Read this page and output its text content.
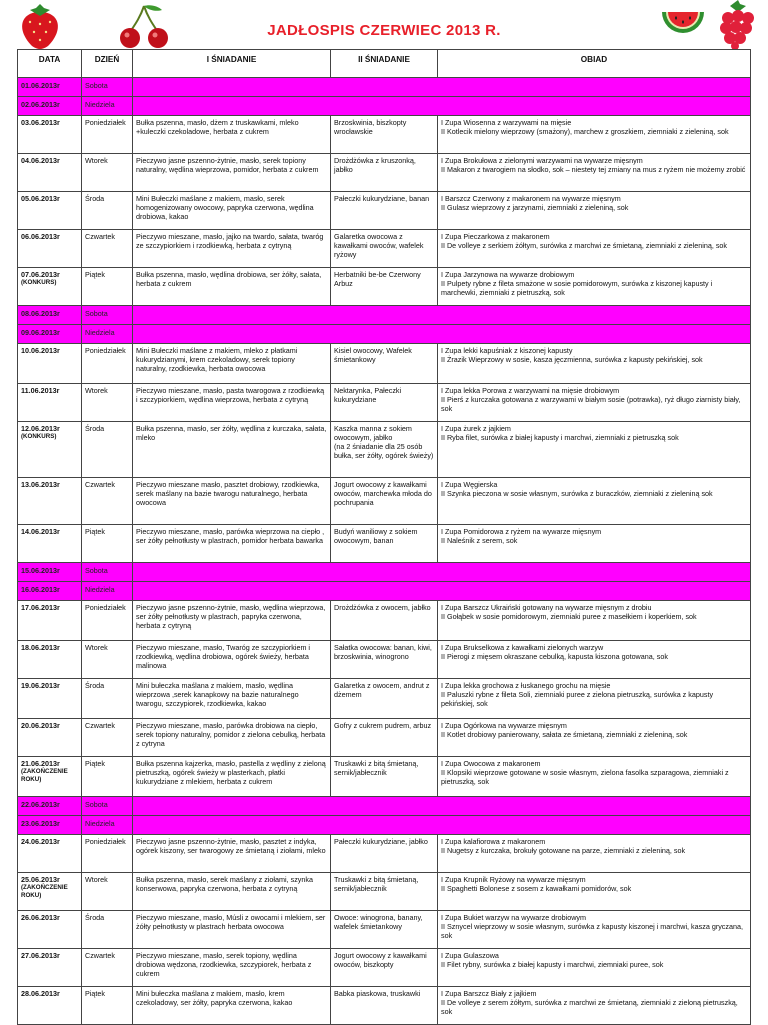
JADŁOSPIS CZERWIEC 2013 R.
DATA	DZIEŃ	I ŚNIADANIE	II ŚNIADANIE	OBIAD
01.06.2013r	Sobota			
02.06.2013r	Niedziela			
03.06.2013r	Poniedziałek	Bułka pszenna, masło, dżem z truskawkami, mleko +kuleczki czekoladowe, herbata z cukrem	Brzoskwinia, biszkopty wrocławskie	I Zupa Wiosenna z warzywami na mięsie
II Kotlecik mielony wieprzowy (smażony), marchew z groszkiem, ziemniaki z zieleniną, sok
04.06.2013r	Wtorek	Pieczywo jasne pszenno-żytnie, masło, serek topiony naturalny, wędlina wieprzowa, pomidor, herbata z cukrem	Drożdżówka z kruszonką, jabłko	I Zupa Brokułowa z zielonymi warzywami na wywarze mięsnym
II Makaron z twarogiem na słodko, sok – niestety tej zmiany na mus z ryżem nie możemy zrobić
05.06.2013r	Środa	Mini Bułeczki maślane z makiem, masło, serek homogenizowany owocowy, papryka czerwona, wędlina drobiowa, kakao	Pałeczki kukurydziane, banan	I Barszcz Czerwony z makaronem na wywarze mięsnym
II Gulasz wieprzowy z jarzynami, ziemniaki z zieleniną, sok
06.06.2013r	Czwartek	Pieczywo mieszane, masło, jajko na twardo, sałata, twaróg ze szczypiorkiem i rzodkiewką, herbata z cytryną	Galaretka owocowa z kawałkami owoców, wafelek ryżowy	I Zupa Pieczarkowa z makaronem
II De volleye z serkiem żółtym, surówka z marchwi ze śmietaną, ziemniaki z zieleniną, sok
07.06.2013r
(KONKURS)	Piątek	Bułka pszenna, masło, wędlina drobiowa, ser żółty, sałata, herbata z cukrem	Herbatniki be-be Czerwony Arbuz	I Zupa Jarzynowa na wywarze drobiowym
II Pulpety rybne z fileta smażone w sosie pomidorowym, surówka z kiszonej kapusty i marchewki, ziemniaki z pietruszką, sok
08.06.2013r	Sobota			
09.06.2013r	Niedziela			
10.06.2013r	Poniedziałek	Mini Bułeczki maślane z makiem, mleko z płatkami kukurydzianymi, krem czekoladowy, serek topiony naturalny, rzodkiewka, herbata owocowa	Kisiel owocowy, Wafelek śmietankowy	I Zupa lekki kapuśniak z kiszonej kapusty
II Żrazik Wieprzowy w sosie, kasza jęczmienna, surówka z kapusty pekińskiej, sok
11.06.2013r	Wtorek	Pieczywo mieszane, masło, pasta twarogowa z rzodkiewką i szczypiorkiem, wędlina wieprzowa, herbata z cytryną	Nektarynka, Pałeczki kukurydziane	I Zupa lekka Porowa z warzywami na mięsie drobiowym
II Pierś z kurczaka gotowana z warzywami w białym sosie (potrawka), ryż długo ziarnisty biały, sok
12.06.2013r
(KONKURS)	Środa	Bułka pszenna, masło, ser żółty, wędlina z kurczaka, sałata, mleko	Kaszka manna z sokiem owocowym, jabłko
(na 2 śniadanie dla 25 osób bułka, ser żółty, ogórek świeży)	I Zupa żurek z jajkiem
II Ryba filet, surówka z białej kapusty i marchwi, ziemniaki z pietruszką sok
13.06.2013r	Czwartek	Pieczywo mieszane masło, pasztet drobiowy, rzodkiewka, serek maślany na bazie twarogu naturalnego, herbata owocowa	Jogurt owocowy z kawałkami owoców, marchewka młoda do pochrupania	I Zupa Węgierska
II Szynka pieczona w sosie własnym, surówka z buraczków, ziemniaki z zieleniną sok
14.06.2013r	Piątek	Pieczywo mieszane, masło, parówka wieprzowa na ciepło , ser żółty pełnotłusty w plastrach, pomidor herbata bawarka	Budyń waniliowy z sokiem owocowym, banan	I Zupa Pomidorowa z ryżem na wywarze mięsnym
II Naleśnik z serem, sok
15.06.2013r	Sobota			
16.06.2013r	Niedziela			
17.06.2013r	Poniedziałek	Pieczywo jasne pszenno-żytnie, masło, wędlina wieprzowa, ser żółty pełnotłusty w plastrach, papryka czerwona, herbata z cytryną	Drożdżówka z owocem, jabłko	I Zupa Barszcz Ukraiński gotowany na wywarze mięsnym z drobiu
II Gołąbek w sosie pomidorowym, ziemniaki puree z masełkiem i koperkiem, sok
18.06.2013r	Wtorek	Pieczywo mieszane, masło, Twaróg ze szczypiorkiem i rzodkiewką, wędlina drobiowa, ogórek świeży, herbata malinowa	Sałatka owocowa: banan, kiwi, brzoskwinia, winogrono	I Zupa Brukselkowa z kawałkami zielonych warzyw
II Pierogi z mięsem okraszane cebulką, kapusta kiszona gotowana, sok
19.06.2013r	Środa	Mini bułeczka maślana z makiem, masło, wędlina wieprzowa ,serek kanapkowy na bazie naturalnego twarogu, szczypiorek, rzodkiewka, kakao	Galaretka z owocem, andrut z dżemem	I Zupa lekka grochowa z łuskanego grochu na mięsie
II Paluszki rybne z fileta Soli, ziemniaki puree z zielona pietruszką, surówka z kapusty pekińskiej, sok
20.06.2013r	Czwartek	Pieczywo mieszane, masło, parówka drobiowa na ciepło, serek topiony naturalny, pomidor z zielona cebulką, herbata z cytryna	Gofry z cukrem pudrem, arbuz	I Zupa Ogórkowa na wywarze mięsnym
II Kotlet drobiowy panierowany, sałata ze śmietaną, ziemniaki z zieleniną, sok
21.06.2013r
(ZAKOŃCZENIE ROKU)	Piątek	Bułka pszenna kajzerka, masło, pastella z wędliny z zieloną pietruszką, ogórek świeży w plasterkach, płatki kukurydziane z mlekiem, herbata z cukrem	Truskawki z bitą śmietaną, sernik/jabłecznik	I Zupa Owocowa z makaronem
II Klopsiki wieprzowe gotowane w sosie własnym, zielona fasolka szparagowa, ziemniaki z pietruszką, sok
22.06.2013r	Sobota			
23.06.2013r	Niedziela			
24.06.2013r	Poniedziałek	Pieczywo jasne pszenno-żytnie, masło, pasztet z indyka, ogórek kiszony, ser twarogowy ze śmietaną i ziołami, mleko	Pałeczki kukurydziane, jabłko	I Zupa kalafiorowa z makaronem
II Nugetsy z kurczaka, brokuły gotowane na parze, ziemniaki z zieleniną, sok
25.06.2013r
(ZAKOŃCZENIE ROKU)	Wtorek	Bułka pszenna, masło, serek maślany z ziołami, szynka konserwowa, papryka czerwona, herbata z cytryną	Truskawki z bitą śmietaną, sernik/jabłecznik	I Zupa Krupnik Ryżowy na wywarze mięsnym
II Spaghetti Bolonese z sosem z kawałkami pomidorów, sok
26.06.2013r	Środa	Pieczywo mieszane, masło, Músli z owocami i mlekiem, ser żółty pełnotłusty w plastrach herbata owocowa	Owoce: winogrona, banany, wafelek śmietankowy	I Zupa Bukiet warzyw na wywarze drobiowym
II Sznycel wieprzowy w sosie własnym, surówka z kapusty kiszonej i marchwi, kasza gryczana, sok
27.06.2013r	Czwartek	Pieczywo mieszane, masło, serek topiony, wędlina drobiowa wędzona, rzodkiewka, szczypiorek, herbata z cukrem	Jogurt owocowy z kawałkami owoców, biszkopty	I Zupa Gulaszowa
II Filet rybny, surówka z białej kapusty i marchwi, ziemniaki puree, sok
28.06.2013r	Piątek	Mini bułeczka maślana z makiem, masło, krem czekoladowy, ser żółty, papryka czerwona, kakao	Babka piaskowa, truskawki	I Zupa Barszcz Biały z jajkiem
II De volleye z serem żółtym, surówka z marchwi ze śmietaną, ziemniaki z zieloną pietruszką, sok
